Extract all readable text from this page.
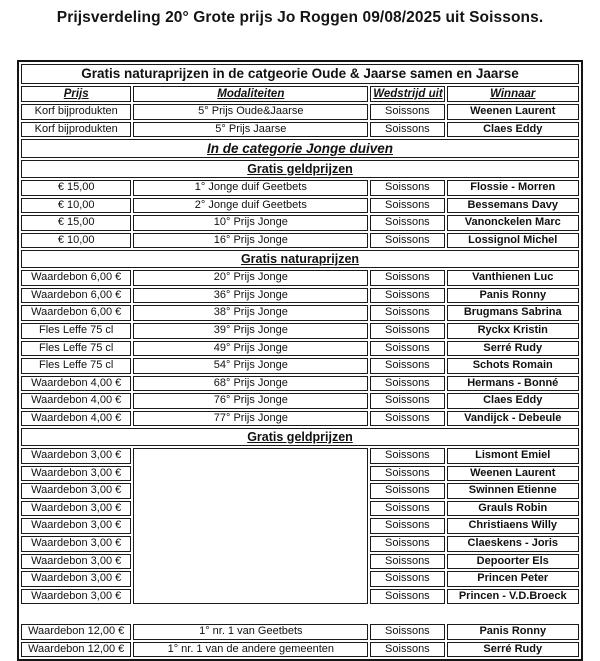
Prijsverdeling 20° Grote prijs Jo Roggen 09/08/2025 uit Soissons.
Gratis naturaprijzen in de catgeorie Oude & Jaarse samen en Jaarse			
Prijs	Modaliteiten	Wedstrijd uit	Winnaar
Korf bijprodukten	5° Prijs Oude&Jaarse	Soissons	Weenen Laurent
Korf bijprodukten	5° Prijs Jaarse	Soissons	Claes Eddy
In de categorie Jonge duiven			
Gratis geldprijzen			
€ 15,00	1° Jonge duif Geetbets	Soissons	Flossie - Morren
€ 10,00	2° Jonge duif Geetbets	Soissons	Bessemans Davy
€ 15,00	10° Prijs Jonge	Soissons	Vanonckelen Marc
€ 10,00	16° Prijs Jonge	Soissons	Lossignol Michel
Gratis naturaprijzen			
Waardebon 6,00 €	20° Prijs Jonge	Soissons	Vanthienen Luc
Waardebon 6,00 €	36° Prijs Jonge	Soissons	Panis Ronny
Waardebon 6,00 €	38° Prijs Jonge	Soissons	Brugmans Sabrina
Fles Leffe 75 cl	39° Prijs Jonge	Soissons	Ryckx Kristin
Fles Leffe 75 cl	49° Prijs Jonge	Soissons	Serré Rudy
Fles Leffe 75 cl	54° Prijs Jonge	Soissons	Schots Romain
Waardebon 4,00 €	68° Prijs Jonge	Soissons	Hermans - Bonné
Waardebon 4,00 €	76° Prijs Jonge	Soissons	Claes Eddy
Waardebon 4,00 €	77° Prijs Jonge	Soissons	Vandijck - Debeule
Gratis geldprijzen			
Waardebon 3,00 €		Soissons	Lismont Emiel
Waardebon 3,00 €		Soissons	Weenen Laurent
Waardebon 3,00 €		Soissons	Swinnen Etienne
Waardebon 3,00 €		Soissons	Grauls Robin
Waardebon 3,00 €		Soissons	Christiaens Willy
Waardebon 3,00 €		Soissons	Claeskens - Joris
Waardebon 3,00 €		Soissons	Depoorter Els
Waardebon 3,00 €		Soissons	Princen Peter
Waardebon 3,00 €		Soissons	Princen - V.D.Broeck

Waardebon 12,00 €	1° nr. 1 van Geetbets	Soissons	Panis Ronny
Waardebon 12,00 €	1° nr. 1 van de andere gemeenten	Soissons	Serré Rudy
